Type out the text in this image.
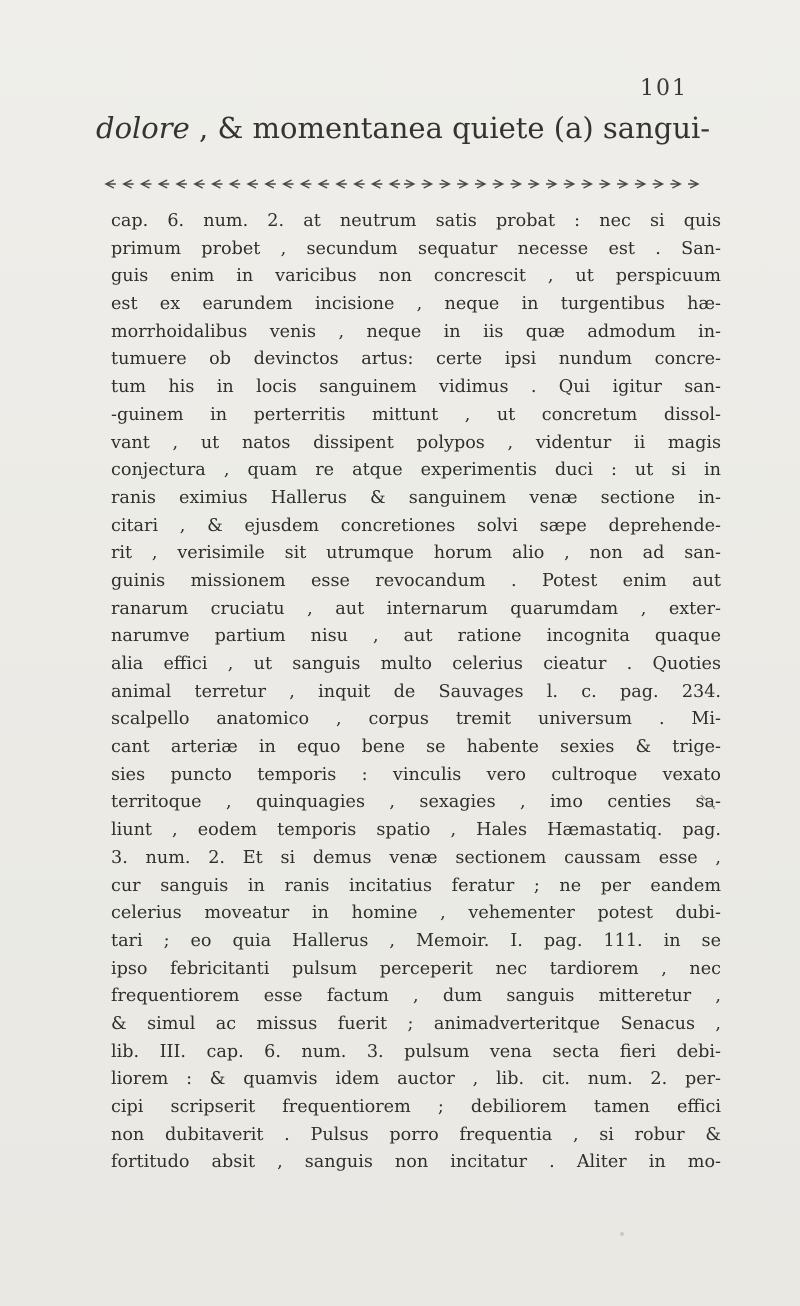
101
dolore , & momentanea quiete (a) sangui-
cap. 6. num. 2. at neutrum satis probat : nec si quis
primum probet , secundum sequatur necesse est . San-
guis enim in varicibus non concrescit , ut perspicuum
est ex earundem incisione , neque in turgentibus hæ-
morrhoidalibus venis , neque in iis quæ admodum in-
tumuere ob devinctos artus: certe ipsi nundum concre-
tum his in locis sanguinem vidimus . Qui igitur san-
-guinem in perterritis mittunt , ut concretum dissol-
vant , ut natos dissipent polypos , videntur ii magis
conjectura , quam re atque experimentis duci : ut si in
ranis eximius Hallerus & sanguinem venæ sectione in-
citari , & ejusdem concretiones solvi sæpe deprehende-
rit , verisimile sit utrumque horum alio , non ad san-
guinis missionem esse revocandum . Potest enim aut
ranarum cruciatu , aut internarum quarumdam , exter-
narumve partium nisu , aut ratione incognita quaque
alia effici , ut sanguis multo celerius cieatur . Quoties
animal terretur , inquit de Sauvages l. c. pag. 234.
scalpello anatomico , corpus tremit universum . Mi-
cant arteriæ in equo bene se habente sexies & trige-
sies puncto temporis : vinculis vero cultroque vexato
territoque , quinquagies , sexagies , imo centies sa-
liunt , eodem temporis spatio , Hales Hæmastatiq. pag.
3. num. 2. Et si demus venæ sectionem caussam esse ,
cur sanguis in ranis incitatius feratur ; ne per eandem
celerius moveatur in homine , vehementer potest dubi-
tari ; eo quia Hallerus , Memoir. I. pag. 111. in se
ipso febricitanti pulsum perceperit nec tardiorem , nec
frequentiorem esse factum , dum sanguis mitteretur ,
& simul ac missus fuerit ; animadverteritque Senacus ,
lib. III. cap. 6. num. 3. pulsum vena secta fieri debi-
liorem : & quamvis idem auctor , lib. cit. num. 2. per-
cipi scripserit frequentiorem ; debiliorem tamen effici
non dubitaverit . Pulsus porro frequentia , si robur &
fortitudo absit , sanguis non incitatur . Aliter in mo-
